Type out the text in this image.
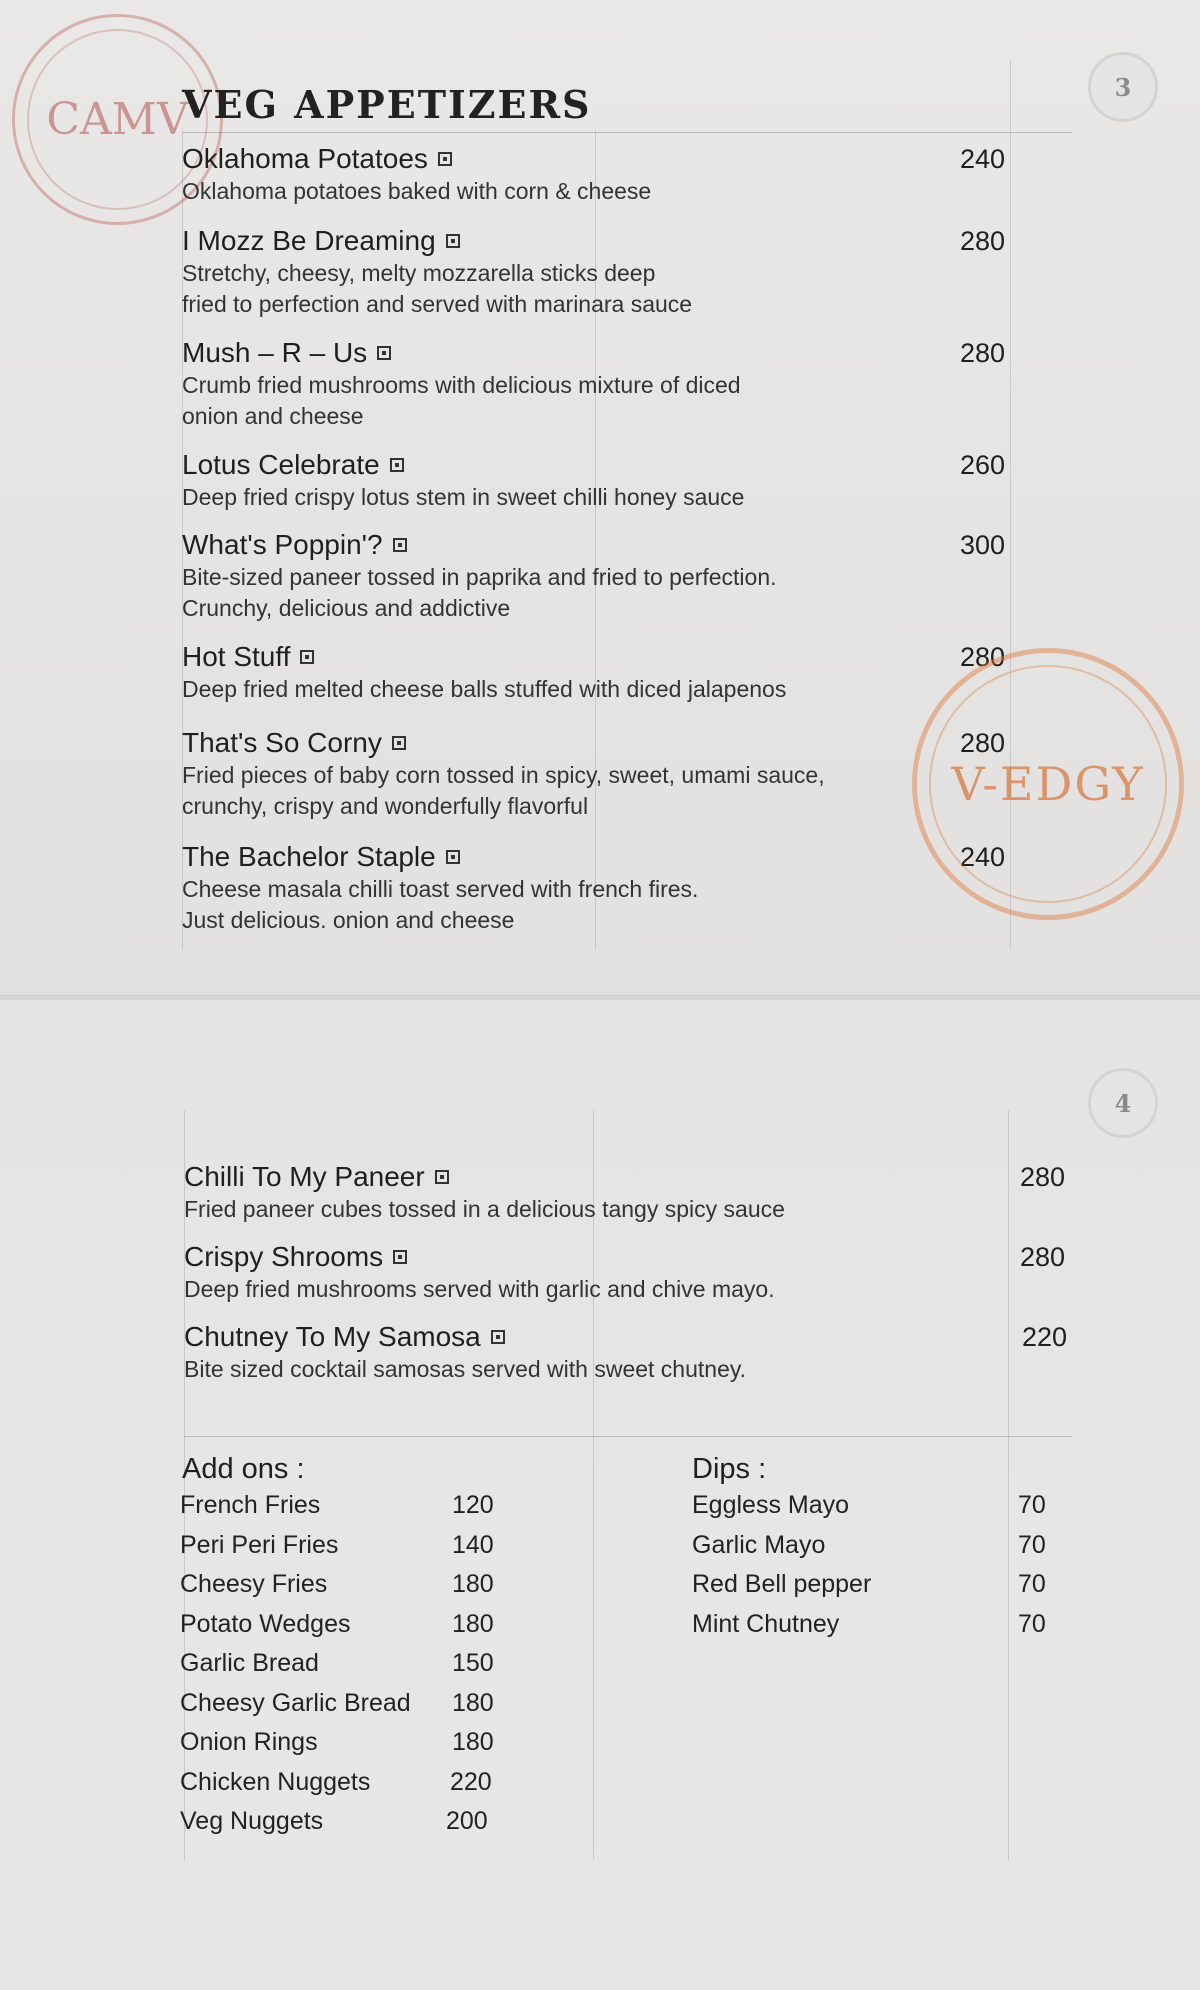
CAMV
VEG APPETIZERS	3
Oklahoma Potatoes
Oklahoma potatoes baked with corn & cheese
240
I Mozz Be Dreaming
Stretchy, cheesy, melty mozzarella sticks deep
fried to perfection and served with marinara sauce
280
Mush – R – Us
Crumb fried mushrooms with delicious mixture of diced
onion and cheese
280
Lotus Celebrate
Deep fried crispy lotus stem in sweet chilli honey sauce
260
What's Poppin'?
Bite-sized paneer tossed in paprika and fried to perfection.
Crunchy, delicious and addictive
300
Hot Stuff
Deep fried melted cheese balls stuffed with diced jalapenos
280
That's So Corny
Fried pieces of baby corn tossed in spicy, sweet, umami sauce,
crunchy, crispy and wonderfully flavorful
280
The Bachelor Staple
Cheese masala chilli toast served with french fires.
Just delicious. onion and cheese
240
V-EDGY
4
Chilli To My Paneer
Fried paneer cubes tossed in a delicious tangy spicy sauce
280
Crispy Shrooms
Deep fried mushrooms served with garlic and chive mayo.
280
Chutney To My Samosa
Bite sized cocktail samosas served with sweet chutney.
220
Add ons :
French Fries	120
Peri Peri Fries	140
Cheesy Fries	180
Potato Wedges	180
Garlic Bread	150
Cheesy Garlic Bread 180
Onion Rings	180
Chicken Nuggets	220
Veg Nuggets	200
Dips :
Eggless Mayo	70
Garlic Mayo	70
Red Bell pepper	70
Mint Chutney	70
